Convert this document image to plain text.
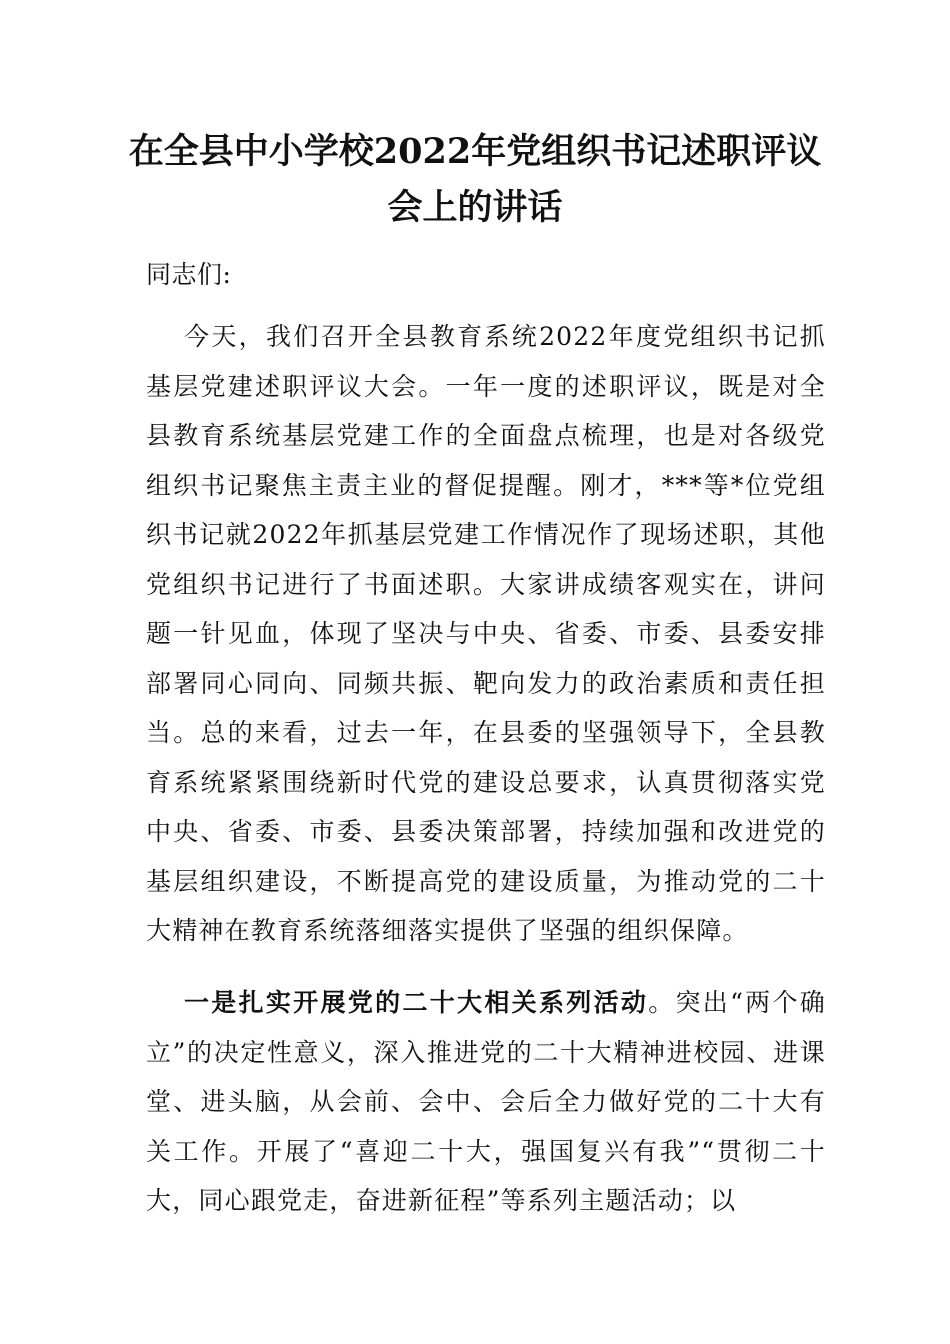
在全县中小学校2022年党组织书记述职评议会上的讲话

同志们:

今天，我们召开全县教育系统2022年度党组织书记抓基层党建述职评议大会。一年一度的述职评议，既是对全县教育系统基层党建工作的全面盘点梳理，也是对各级党组织书记聚焦主责主业的督促提醒。刚才，***等*位党组织书记就2022年抓基层党建工作情况作了现场述职，其他党组织书记进行了书面述职。大家讲成绩客观实在，讲问题一针见血，体现了坚决与中央、省委、市委、县委安排部署同心同向、同频共振、靶向发力的政治素质和责任担当。总的来看，过去一年，在县委的坚强领导下，全县教育系统紧紧围绕新时代党的建设总要求，认真贯彻落实党中央、省委、市委、县委决策部署，持续加强和改进党的基层组织建设，不断提高党的建设质量，为推动党的二十大精神在教育系统落细落实提供了坚强的组织保障。

一是扎实开展党的二十大相关系列活动。突出“两个确立”的决定性意义，深入推进党的二十大精神进校园、进课堂、进头脑，从会前、会中、会后全力做好党的二十大有关工作。开展了“喜迎二十大，强国复兴有我”“贯彻二十大，同心跟党走，奋进新征程”等系列主题活动；以
